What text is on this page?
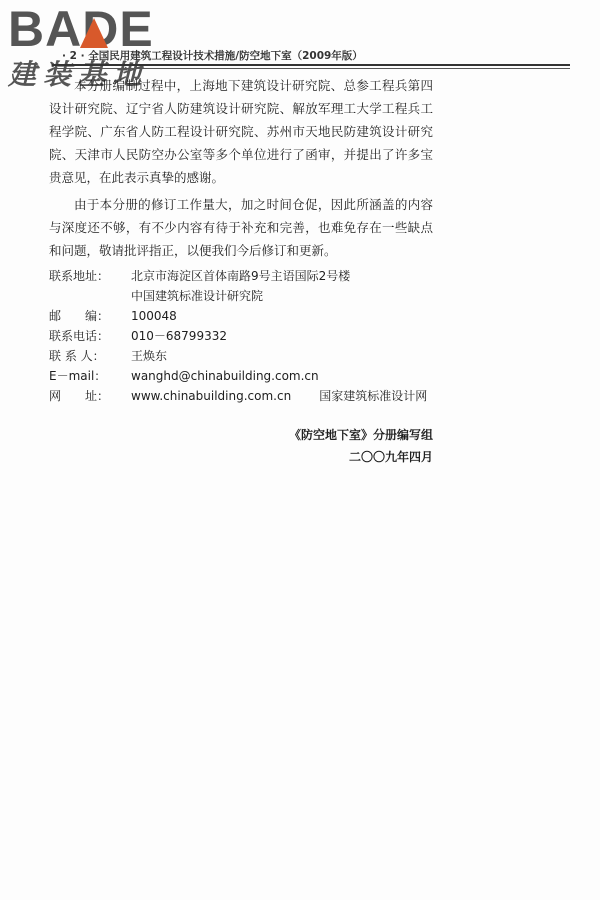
BADE
建装基地
· 2 · 全国民用建筑工程设计技术措施/防空地下室（2009年版）

本分册编制过程中，上海地下建筑设计研究院、总参工程兵第四设计研究院、辽宁省人防建筑设计研究院、解放军理工大学工程兵工程学院、广东省人防工程设计研究院、苏州市天地民防建筑设计研究院、天津市人民防空办公室等多个单位进行了函审，并提出了许多宝贵意见，在此表示真挚的感谢。

由于本分册的修订工作量大，加之时间仓促，因此所涵盖的内容与深度还不够，有不少内容有待于补充和完善，也难免存在一些缺点和问题，敬请批评指正，以便我们今后修订和更新。

联系地址：	北京市海淀区首体南路9号主语国际2号楼
中国建筑标准设计研究院
邮　　编：	100048
联系电话：	010－68799332
联 系 人：	王焕东
E－mail：	wanghd@chinabuilding.com.cn
网　　址：	www.chinabuilding.com.cn 国家建筑标准设计网
《防空地下室》分册编写组
二〇〇九年四月
